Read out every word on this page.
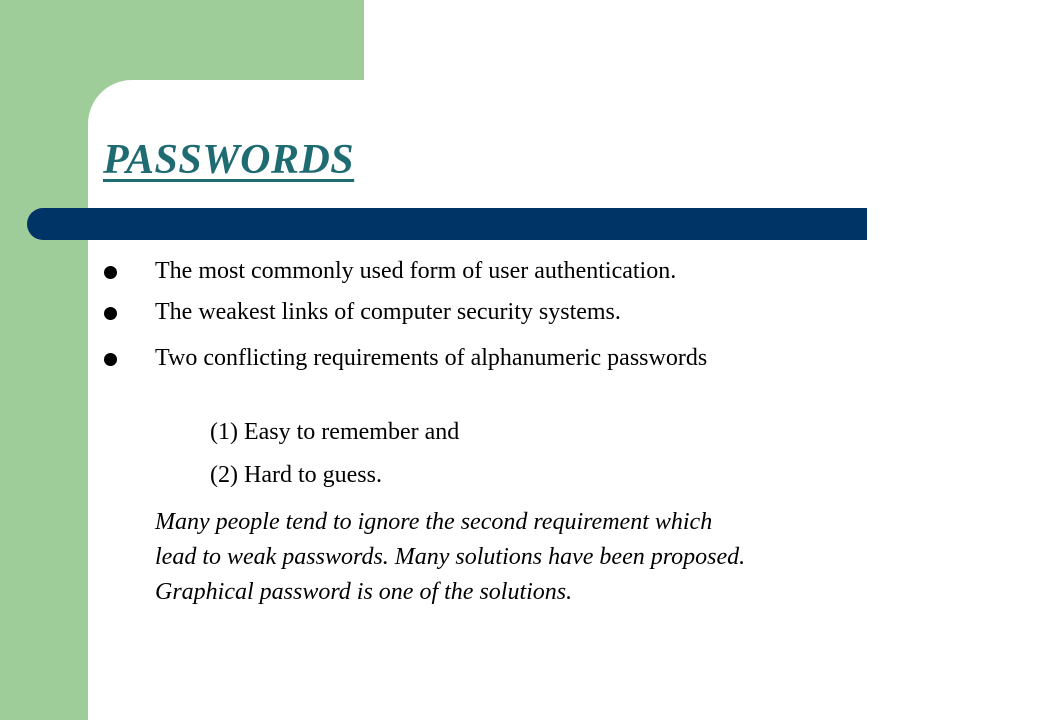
PASSWORDS
The most commonly used form of user authentication.
The weakest links of computer security systems.
Two conflicting requirements of alphanumeric passwords
(1) Easy to remember and
(2) Hard to guess.
Many people tend to ignore the second requirement which
lead to weak passwords. Many solutions have been proposed.
Graphical password is one of the solutions.
